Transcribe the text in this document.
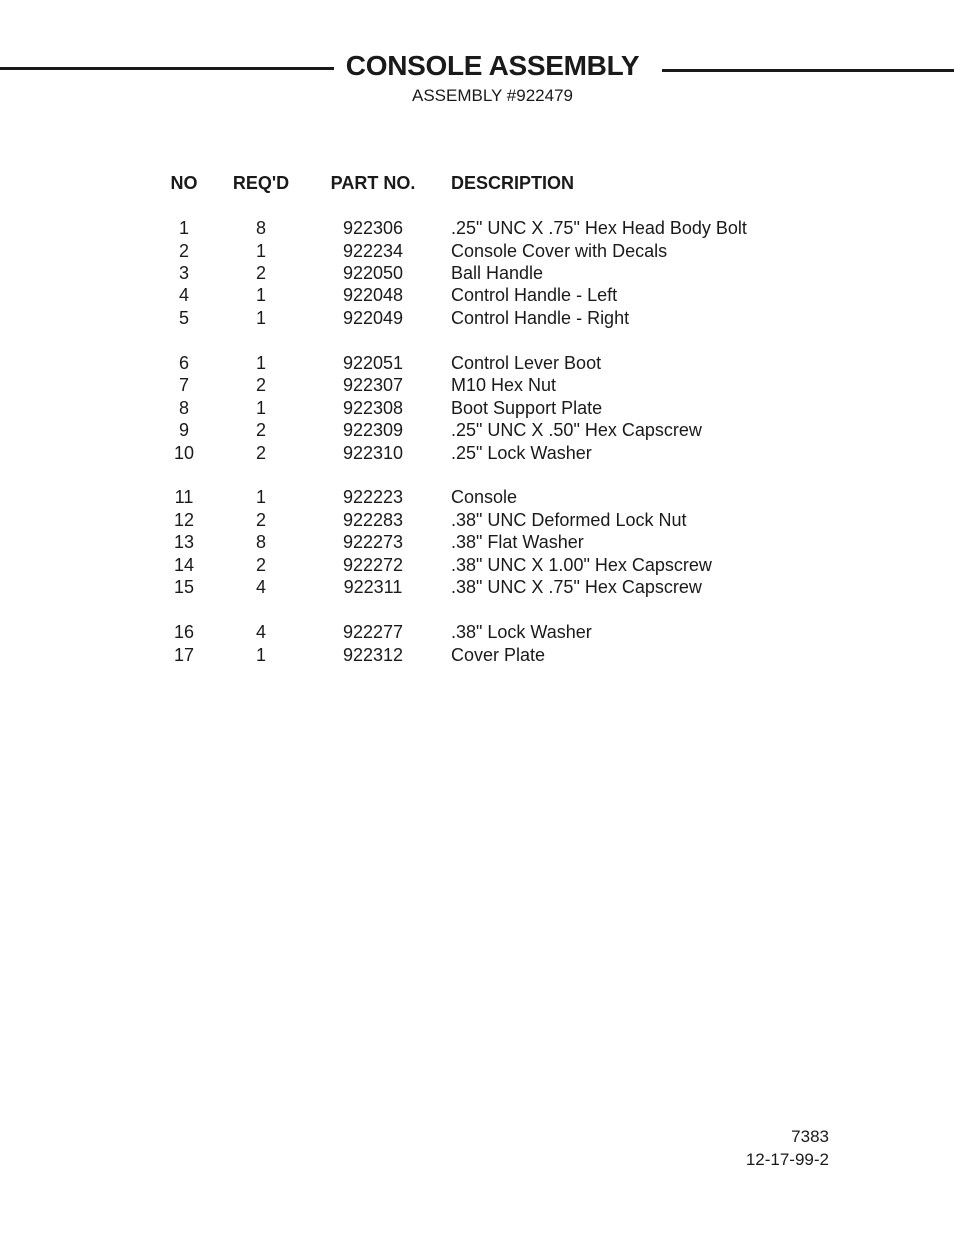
CONSOLE ASSEMBLY
ASSEMBLY #922479
NO	REQ'D	PART NO.	DESCRIPTION
1	8	922306	.25" UNC X .75" Hex Head Body Bolt
2	1	922234	Console Cover with Decals
3	2	922050	Ball Handle
4	1	922048	Control Handle - Left
5	1	922049	Control Handle - Right
6	1	922051	Control Lever Boot
7	2	922307	M10 Hex Nut
8	1	922308	Boot Support Plate
9	2	922309	.25" UNC X .50" Hex Capscrew
10	2	922310	.25" Lock Washer
11	1	922223	Console
12	2	922283	.38" UNC Deformed Lock Nut
13	8	922273	.38" Flat Washer
14	2	922272	.38" UNC X 1.00" Hex Capscrew
15	4	922311	.38" UNC X .75" Hex Capscrew
16	4	922277	.38" Lock Washer
17	1	922312	Cover Plate
7383
12-17-99-2
